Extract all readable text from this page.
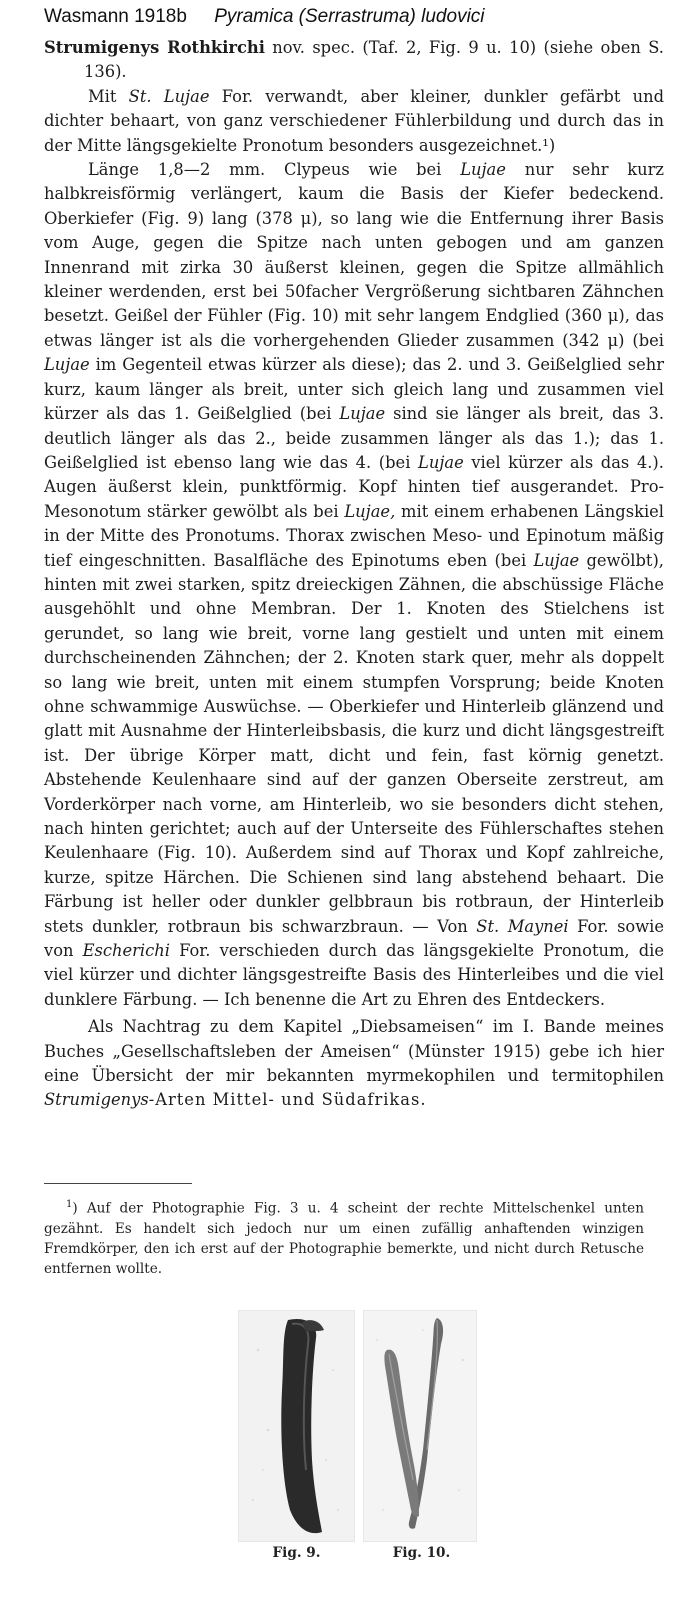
Wasmann 1918b Pyramica (Serrastruma) ludovici

Strumigenys Rothkirchi nov. spec. (Taf. 2, Fig. 9 u. 10) (siehe oben S. 136).

Mit St. Lujae For. verwandt, aber kleiner, dunkler gefärbt und dichter behaart, von ganz verschiedener Fühlerbildung und durch das in der Mitte längsgekielte Pronotum besonders ausgezeichnet.¹)

Länge 1,8—2 mm. Clypeus wie bei Lujae nur sehr kurz halbkreisförmig verlängert, kaum die Basis der Kiefer bedeckend. Oberkiefer (Fig. 9) lang (378 μ), so lang wie die Entfernung ihrer Basis vom Auge, gegen die Spitze nach unten gebogen und am ganzen Innenrand mit zirka 30 äußerst kleinen, gegen die Spitze allmählich kleiner werdenden, erst bei 50facher Vergrößerung sichtbaren Zähnchen besetzt. Geißel der Fühler (Fig. 10) mit sehr langem Endglied (360 μ), das etwas länger ist als die vorhergehenden Glieder zusammen (342 μ) (bei Lujae im Gegenteil etwas kürzer als diese); das 2. und 3. Geißelglied sehr kurz, kaum länger als breit, unter sich gleich lang und zusammen viel kürzer als das 1. Geißelglied (bei Lujae sind sie länger als breit, das 3. deutlich länger als das 2., beide zusammen länger als das 1.); das 1. Geißelglied ist ebenso lang wie das 4. (bei Lujae viel kürzer als das 4.). Augen äußerst klein, punktförmig. Kopf hinten tief ausgerandet. Pro-Mesonotum stärker gewölbt als bei Lujae, mit einem erhabenen Längskiel in der Mitte des Pronotums. Thorax zwischen Meso- und Epinotum mäßig tief eingeschnitten. Basalfläche des Epinotums eben (bei Lujae gewölbt), hinten mit zwei starken, spitz dreieckigen Zähnen, die abschüssige Fläche ausgehöhlt und ohne Membran. Der 1. Knoten des Stielchens ist gerundet, so lang wie breit, vorne lang gestielt und unten mit einem durchscheinenden Zähnchen; der 2. Knoten stark quer, mehr als doppelt so lang wie breit, unten mit einem stumpfen Vorsprung; beide Knoten ohne schwammige Auswüchse. — Oberkiefer und Hinterleib glänzend und glatt mit Ausnahme der Hinterleibsbasis, die kurz und dicht längsgestreift ist. Der übrige Körper matt, dicht und fein, fast körnig genetzt. Abstehende Keulenhaare sind auf der ganzen Oberseite zerstreut, am Vorderkörper nach vorne, am Hinterleib, wo sie besonders dicht stehen, nach hinten gerichtet; auch auf der Unterseite des Fühlerschaftes stehen Keulenhaare (Fig. 10). Außerdem sind auf Thorax und Kopf zahlreiche, kurze, spitze Härchen. Die Schienen sind lang abstehend behaart. Die Färbung ist heller oder dunkler gelbbraun bis rotbraun, der Hinterleib stets dunkler, rotbraun bis schwarzbraun. — Von St. Maynei For. sowie von Escherichi For. verschieden durch das längsgekielte Pronotum, die viel kürzer und dichter längsgestreifte Basis des Hinterleibes und die viel dunklere Färbung. — Ich benenne die Art zu Ehren des Entdeckers.

Als Nachtrag zu dem Kapitel „Diebsameisen“ im I. Bande meines Buches „Gesellschaftsleben der Ameisen“ (Münster 1915) gebe ich hier eine Übersicht der mir bekannten myrmekophilen und termitophilen Strumigenys-Arten Mittel- und Südafrikas.

$^1$) Auf der Photographie Fig. 3 u. 4 scheint der rechte Mittelschenkel unten gezähnt. Es handelt sich jedoch nur um einen zufällig anhaftenden winzigen Fremdkörper, den ich erst auf der Photographie bemerkte, und nicht durch Retusche entfernen wollte.
Fig. 9.	Fig. 10.
